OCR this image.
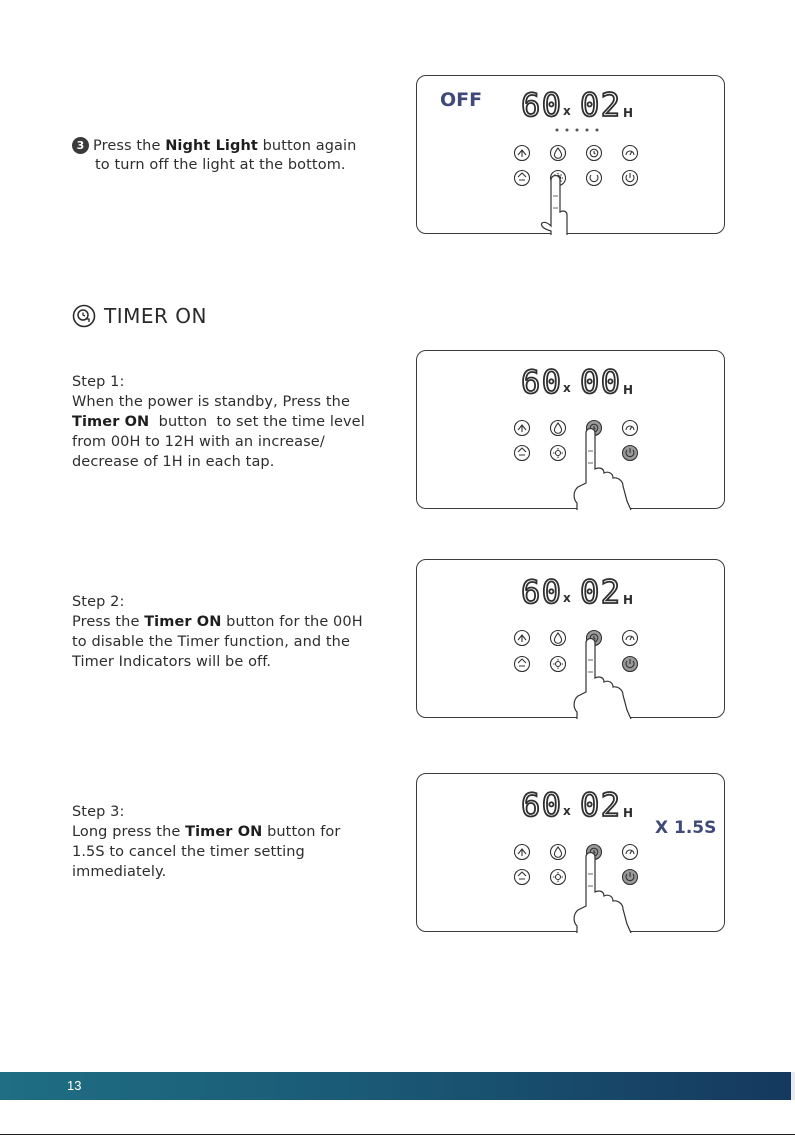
3 Press the Night Light button again
to turn off the light at the bottom.
OFF 60 x 02 H
TIMER ON
Step 1:
When the power is standby, Press the
Timer ON  button  to set the time level
from 00H to 12H with an increase/
decrease of 1H in each tap.
60 x 00 H
Step 2:
Press the Timer ON button for the 00H
to disable the Timer function, and the
Timer Indicators will be off.
60 x 02 H
Step 3:
Long press the Timer ON button for
1.5S to cancel the timer setting
immediately.
X 1.5S
60 x 02 H
13
